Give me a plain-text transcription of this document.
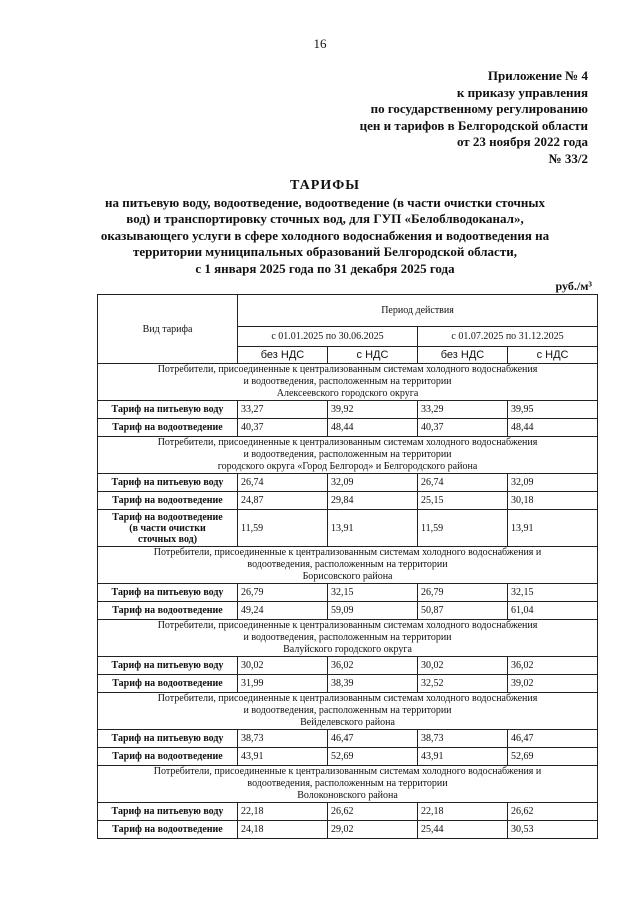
16
Приложение № 4
к приказу управления
по государственному регулированию
цен и тарифов в Белгородской области
от 23 ноября 2022 года
№ 33/2
ТАРИФЫ
на питьевую воду, водоотведение, водоотведение (в части очистки сточных
вод) и транспортировку сточных вод, для ГУП «Белоблводоканал»,
оказывающего услуги в сфере холодного водоснабжения и водоотведения на
территории муниципальных образований Белгородской области,
с 1 января 2025 года по 31 декабря 2025 года
руб./м³
Вид тарифа	Период действия			
	с 01.01.2025 по 30.06.2025		с 01.07.2025 по 31.12.2025	
	без НДС	с НДС	без НДС	с НДС

Потребители, присоединенные к централизованным системам холодного водоснабжения
и водоотведения, расположенным на территории
Алексеевского городского округа				

Тариф на питьевую воду	33,27	39,92	33,29	39,95
Тариф на водоотведение	40,37	48,44	40,37	48,44

Потребители, присоединенные к централизованным системам холодного водоснабжения
и водоотведения, расположенным на территории
городского округа «Город Белгород» и Белгородского района				

Тариф на питьевую воду	26,74	32,09	26,74	32,09
Тариф на водоотведение	24,87	29,84	25,15	30,18

Тариф на водоотведение
(в части очистки
сточных вод)	11,59	13,91	11,59	13,91

Потребители, присоединенные к централизованным системам холодного водоснабжения и
водоотведения, расположенным на территории
Борисовского района				

Тариф на питьевую воду	26,79	32,15	26,79	32,15
Тариф на водоотведение	49,24	59,09	50,87	61,04

Потребители, присоединенные к централизованным системам холодного водоснабжения
и водоотведения, расположенным на территории
Валуйского городского округа				

Тариф на питьевую воду	30,02	36,02	30,02	36,02
Тариф на водоотведение	31,99	38,39	32,52	39,02

Потребители, присоединенные к централизованным системам холодного водоснабжения
и водоотведения, расположенным на территории
Вейделевского района				

Тариф на питьевую воду	38,73	46,47	38,73	46,47
Тариф на водоотведение	43,91	52,69	43,91	52,69

Потребители, присоединенные к централизованным системам холодного водоснабжения и
водоотведения, расположенным на территории
Волоконовского района				

Тариф на питьевую воду	22,18	26,62	22,18	26,62
Тариф на водоотведение	24,18	29,02	25,44	30,53
